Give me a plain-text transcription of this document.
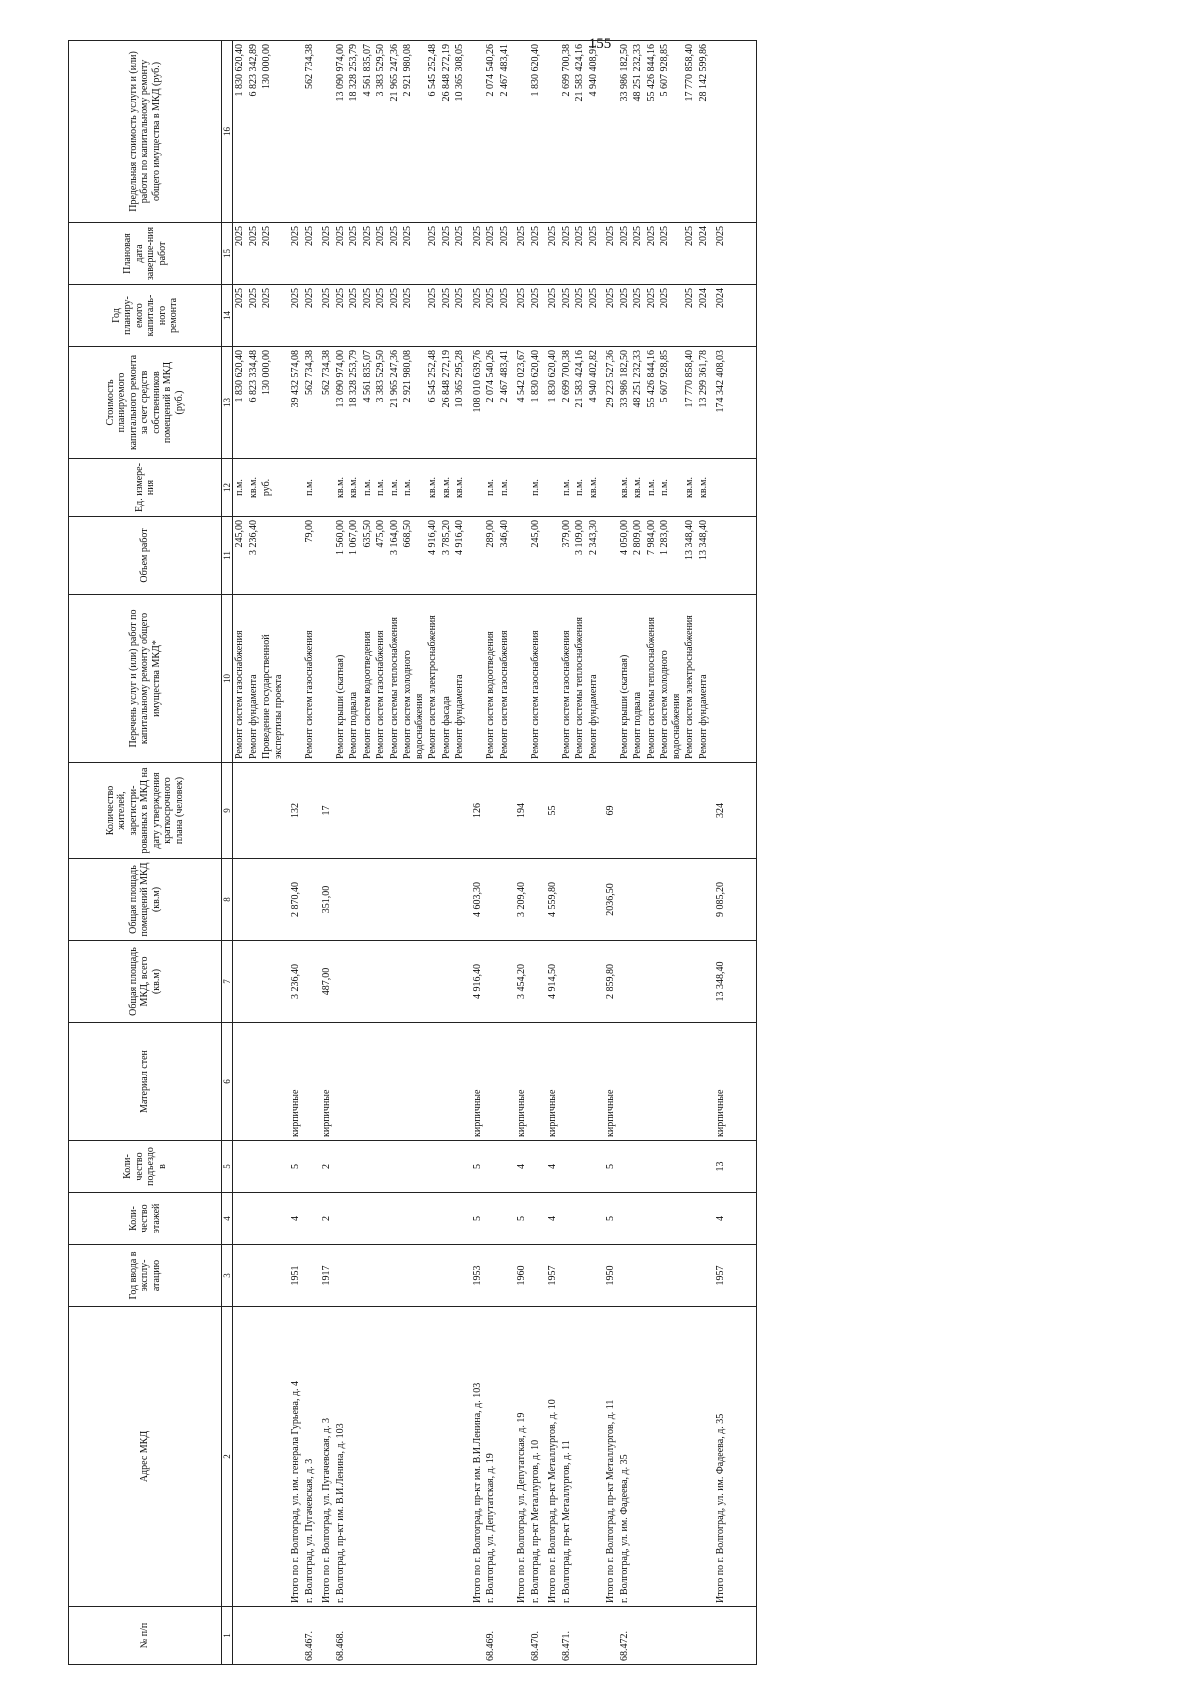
155
№ п/п	Адрес МКД	Год ввода в эксплу-атацию	Коли-чество этажей	Коли-чество подъездо в	Материал стен	Общая площадь МКД, всего (кв.м)	Общая площадь помещений МКД (кв.м)	Количество жителей, зарегистри-рованных в МКД на дату утверждения краткосрочного плана (человек)	Перечень услуг и (или) работ по капитальному ремонту общего имущества МКД*	Объем работ	Ед. измере-ния	Стоимость планируемого капитального ремонта за счет средств собственников помещений в МКД (руб.)	Год планиру-емого капиталь-ного ремонта	Плановая дата заверше-ния работ	Предельная стоимость услуги и (или) работы по капитальному ремонту общего имущества в МКД (руб.)
1	2	3	4	5	6	7	8	9	10	11	12	13	14	15	16
									Ремонт систем газоснабжения	245,00	п.м.	1 830 620,40	2025	2025	1 830 620,40
									Ремонт фундамента	3 236,40	кв.м.	6 823 334,48	2025	2025	6 823 342,89
									Проведение государственной экспертизы проекта		руб.	130 000,00	2025	2025	130 000,00
	Итого по г. Волгоград, ул. им. генерала Гурьева, д. 4	1951	4	5	кирпичные	3 236,40	2 870,40	132				39 432 574,08	2025	2025	
68.467.	г. Волгоград, ул. Пугачевская, д. 3								Ремонт систем газоснабжения	79,00	п.м.	562 734,38	2025	2025	562 734,38
	Итого по г. Волгоград, ул. Пугачевская, д. 3	1917	2	2	кирпичные	487,00	351,00	17				562 734,38	2025	2025	
68.468.	г. Волгоград, пр-кт им. В.И.Ленина, д. 103								Ремонт крыши (скатная)	1 560,00	кв.м.	13 090 974,00	2025	2025	13 090 974,00
									Ремонт подвала	1 067,00	кв.м.	18 328 253,79	2025	2025	18 328 253,79
									Ремонт систем водоотведения	635,50	п.м.	4 561 835,07	2025	2025	4 561 835,07
									Ремонт систем газоснабжения	475,00	п.м.	3 383 529,50	2025	2025	3 383 529,50
									Ремонт системы теплоснабжения	3 164,00	п.м.	21 965 247,36	2025	2025	21 965 247,36
									Ремонт систем холодного водоснабжения	668,50	п.м.	2 921 980,08	2025	2025	2 921 980,08
									Ремонт систем электроснабжения	4 916,40	кв.м.	6 545 252,48	2025	2025	6 545 252,48
									Ремонт фасада	3 785,20	кв.м.	26 848 272,19	2025	2025	26 848 272,19
									Ремонт фундамента	4 916,40	кв.м.	10 365 295,28	2025	2025	10 365 308,05
	Итого по г. Волгоград, пр-кт им. В.И.Ленина, д. 103	1953	5	5	кирпичные	4 916,40	4 603,30	126				108 010 639,76	2025	2025	
68.469.	г. Волгоград, ул. Депутатская, д. 19								Ремонт систем водоотведения	289,00	п.м.	2 074 540,26	2025	2025	2 074 540,26
									Ремонт систем газоснабжения	346,40	п.м.	2 467 483,41	2025	2025	2 467 483,41
	Итого по г. Волгоград, ул. Депутатская, д. 19	1960	5	4	кирпичные	3 454,20	3 209,40	194				4 542 023,67	2025	2025	
68.470.	г. Волгоград, пр-кт Металлургов, д. 10								Ремонт систем газоснабжения	245,00	п.м.	1 830 620,40	2025	2025	1 830 620,40
	Итого по г. Волгоград, пр-кт Металлургов, д. 10	1957	4	4	кирпичные	4 914,50	4 559,80	55				1 830 620,40	2025	2025	
68.471.	г. Волгоград, пр-кт Металлургов, д. 11								Ремонт систем газоснабжения	379,00	п.м.	2 699 700,38	2025	2025	2 699 700,38
									Ремонт системы теплоснабжения	3 109,00	п.м.	21 583 424,16	2025	2025	21 583 424,16
									Ремонт фундамента	2 343,30	кв.м.	4 940 402,82	2025	2025	4 940 408,91
	Итого по г. Волгоград, пр-кт Металлургов, д. 11	1950	5	5	кирпичные	2 859,80	2036,50	69				29 223 527,36	2025	2025	
68.472.	г. Волгоград, ул. им. Фадеева, д. 35								Ремонт крыши (скатная)	4 050,00	кв.м.	33 986 182,50	2025	2025	33 986 182,50
									Ремонт подвала	2 809,00	кв.м.	48 251 232,33	2025	2025	48 251 232,33
									Ремонт системы теплоснабжения	7 984,00	п.м.	55 426 844,16	2025	2025	55 426 844,16
									Ремонт систем холодного водоснабжения	1 283,00	п.м.	5 607 928,85	2025	2025	5 607 928,85
									Ремонт систем электроснабжения	13 348,40	кв.м.	17 770 858,40	2025	2025	17 770 858,40
									Ремонт фундамента	13 348,40	кв.м.	13 299 361,78	2024	2024	28 142 599,86
	Итого по г. Волгоград, ул. им. Фадеева, д. 35	1957	4	13	кирпичные	13 348,40	9 085,20	324				174 342 408,03	2024	2025	
